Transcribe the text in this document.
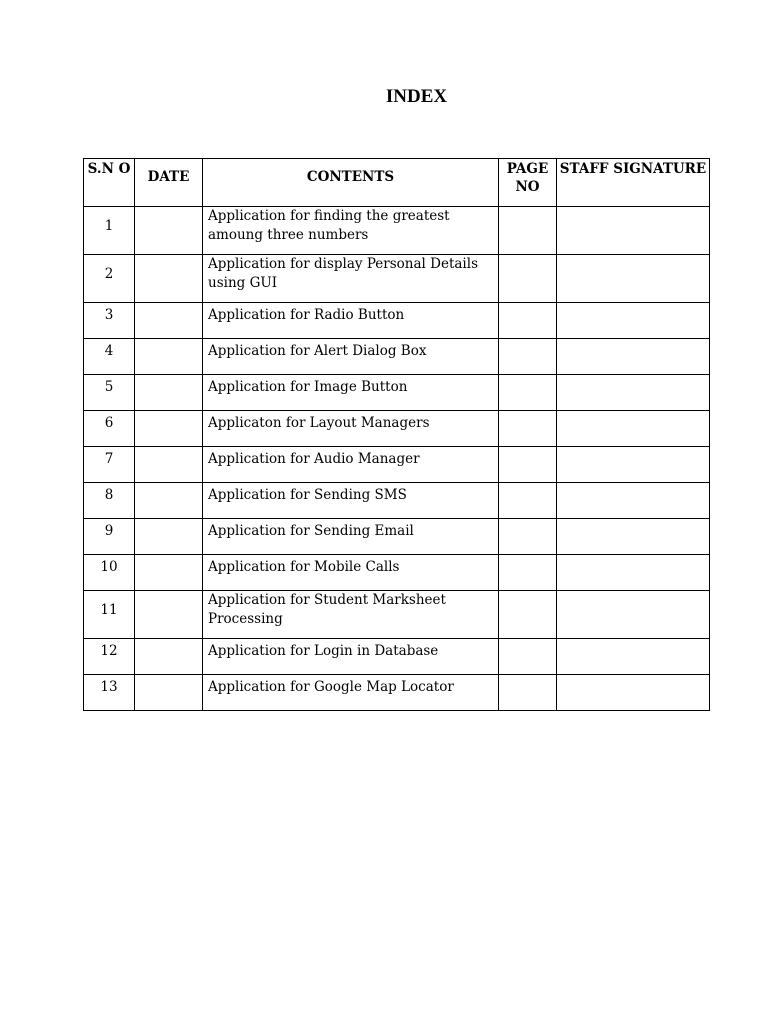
INDEX
S.N O	DATE	CONTENTS	PAGE NO	STAFF SIGNATURE
1		Application for finding the greatest amoung three numbers		
2		Application for display Personal Details using GUI		
3		Application for Radio Button		
4		Application for Alert Dialog Box		
5		Application for Image Button		
6		Applicaton for Layout Managers		
7		Application for Audio Manager		
8		Application for Sending SMS		
9		Application for Sending Email		
10		Application for Mobile Calls		
11		Application for Student Marksheet Processing		
12		Application for Login in Database		
13		Application for Google Map Locator		
